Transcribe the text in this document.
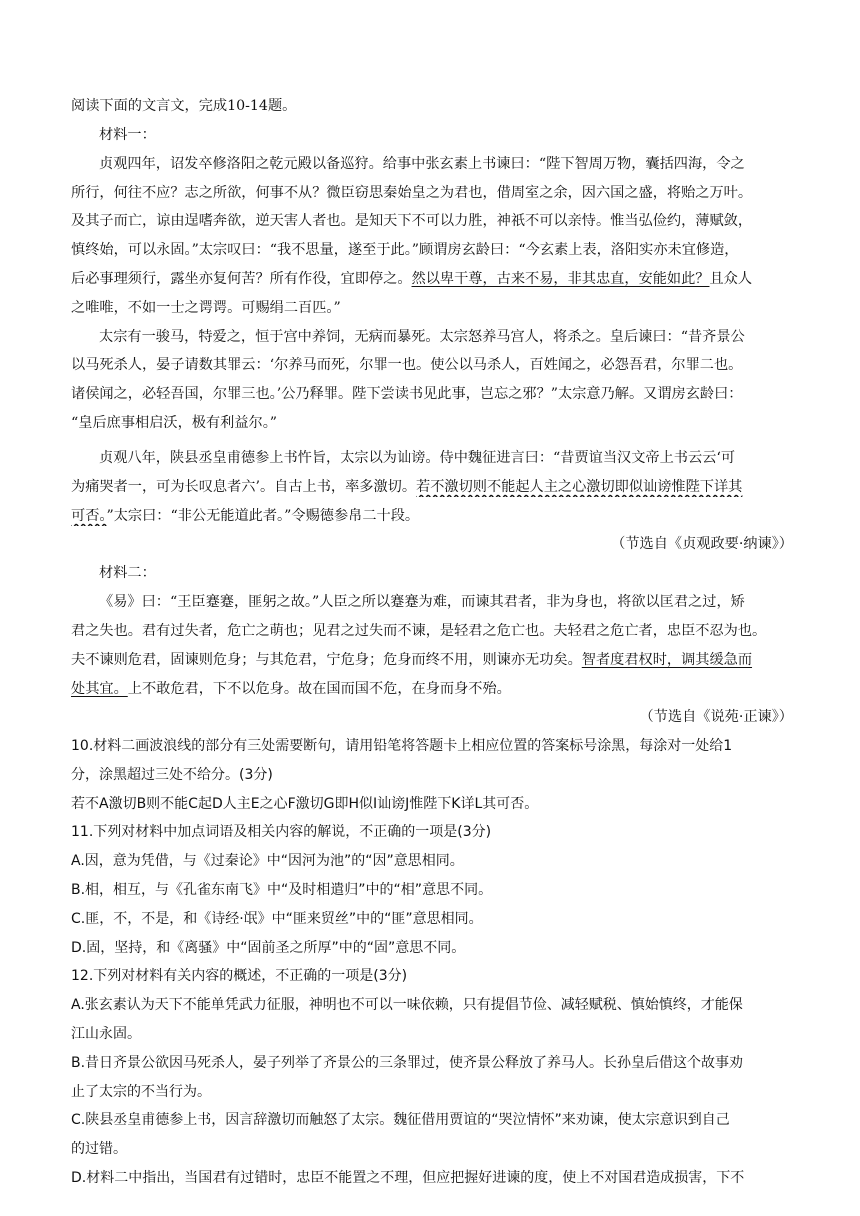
阅读下面的文言文，完成10-14题。
材料一：
贞观四年，诏发卒修洛阳之乾元殿以备巡狩。给事中张玄素上书谏曰：“陛下智周万物，囊括四海，令之
所行，何往不应？志之所欲，何事不从？微臣窃思秦始皇之为君也，借周室之余，因六国之盛，将贻之万叶。
及其子而亡，谅由逞嗜奔欲，逆天害人者也。是知天下不可以力胜，神祇不可以亲恃。惟当弘俭约，薄赋敛，
慎终始，可以永固。”太宗叹曰：“我不思量，遂至于此。”顾谓房玄龄曰：“今玄素上表，洛阳实亦未宜修造，
后必事理须行，露坐亦复何苦？所有作役，宜即停之。然以卑干尊，古来不易，非其忠直，安能如此？且众人
之唯唯，不如一士之谔谔。可赐绢二百匹。”
太宗有一骏马，特爱之，恒于宫中养饲，无病而暴死。太宗怒养马宫人，将杀之。皇后谏曰：“昔齐景公
以马死杀人，晏子请数其罪云：‘尔养马而死，尔罪一也。使公以马杀人，百姓闻之，必怨吾君，尔罪二也。
诸侯闻之，必轻吾国，尔罪三也。’公乃释罪。陛下尝读书见此事，岂忘之邪？”太宗意乃解。又谓房玄龄曰：
“皇后庶事相启沃，极有利益尔。”
贞观八年，陕县丞皇甫德参上书忤旨，太宗以为讪谤。侍中魏征进言曰：“昔贾谊当汉文帝上书云云‘可
为痛哭者一，可为长叹息者六’。自古上书，率多激切。若不激切则不能起人主之心激切即似讪谤惟陛下详其
可否。”太宗曰：“非公无能道此者。”令赐德参帛二十段。
（节选自《贞观政要·纳谏》）
材料二：
《易》曰：“王臣蹇蹇，匪躬之故。”人臣之所以蹇蹇为难，而谏其君者，非为身也，将欲以匡君之过，矫
君之失也。君有过失者，危亡之萌也；见君之过失而不谏，是轻君之危亡也。夫轻君之危亡者，忠臣不忍为也。
夫不谏则危君，固谏则危身；与其危君，宁危身；危身而终不用，则谏亦无功矣。智者度君权时，调其缓急而
处其宜。上不敢危君，下不以危身。故在国而国不危，在身而身不殆。
（节选自《说苑·正谏》）
10.材料二画波浪线的部分有三处需要断句，请用铅笔将答题卡上相应位置的答案标号涂黑，每涂对一处给1
分，涂黑超过三处不给分。(3分)
若不A激切B则不能C起D人主E之心F激切G即H似I讪谤J惟陛下K详L其可否。
11.下列对材料中加点词语及相关内容的解说，不正确的一项是(3分)
A.因，意为凭借，与《过秦论》中“因河为池”的“因”意思相同。
B.相，相互，与《孔雀东南飞》中“及时相遣归”中的“相”意思不同。
C.匪，不，不是，和《诗经·氓》中“匪来贸丝”中的“匪”意思相同。
D.固，坚持，和《离骚》中“固前圣之所厚”中的“固”意思不同。
12.下列对材料有关内容的概述，不正确的一项是(3分)
A.张玄素认为天下不能单凭武力征服，神明也不可以一味依赖，只有提倡节俭、减轻赋税、慎始慎终，才能保
江山永固。
B.昔日齐景公欲因马死杀人，晏子列举了齐景公的三条罪过，使齐景公释放了养马人。长孙皇后借这个故事劝
止了太宗的不当行为。
C.陕县丞皇甫德参上书，因言辞激切而触怒了太宗。魏征借用贾谊的“哭泣情怀”来劝谏，使太宗意识到自己
的过错。
D.材料二中指出，当国君有过错时，忠臣不能置之不理，但应把握好进谏的度，使上不对国君造成损害，下不
